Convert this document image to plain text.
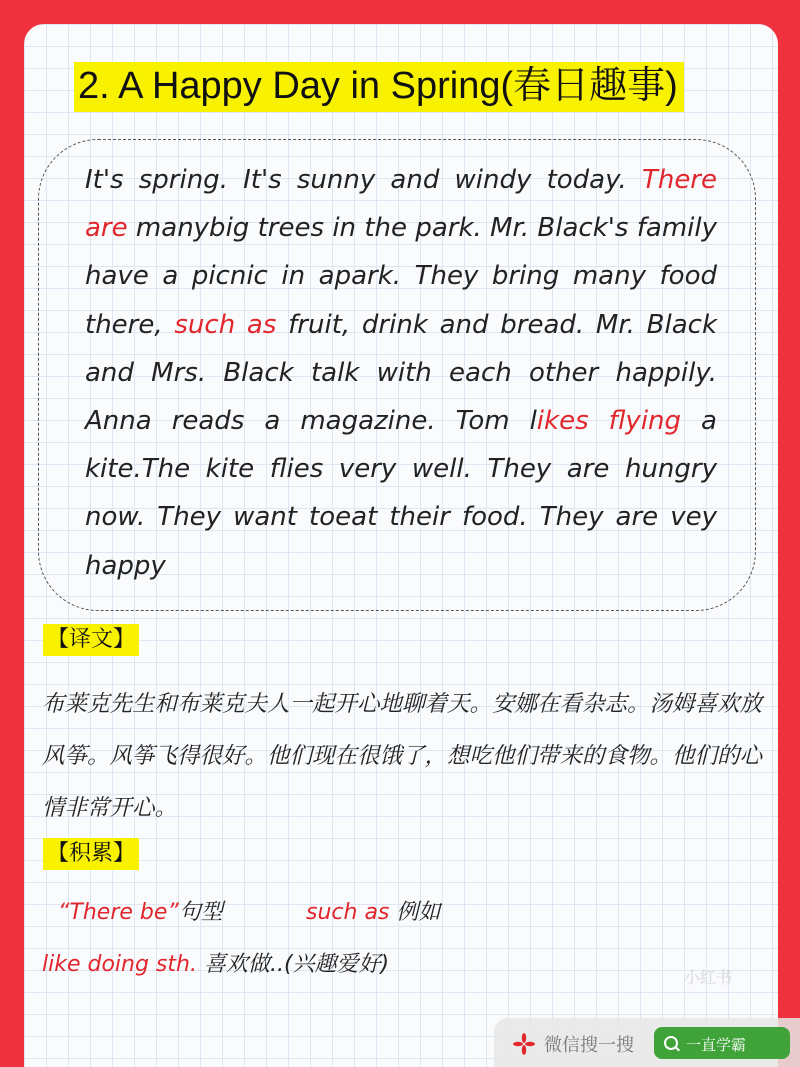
2. A Happy Day in Spring(春日趣事)
It's spring. It's sunny and windy today. There are manybig trees in the park. Mr. Black's family have a picnic in apark. They bring many food there, such as fruit, drink and bread. Mr. Black and Mrs. Black talk with each other happily. Anna reads a magazine. Tom likes flying a kite.The kite flies very well. They are hungry now. They want toeat their food. They are vey happy
【译文】
布莱克先生和布莱克夫人一起开心地聊着天。安娜在看杂志。汤姆喜欢放风筝。风筝飞得很好。他们现在很饿了，想吃他们带来的食物。他们的心情非常开心。
【积累】
“There be”句型	such as 例如
like doing sth. 喜欢做..(兴趣爱好)
小红书
微信搜一搜	一直学霸
